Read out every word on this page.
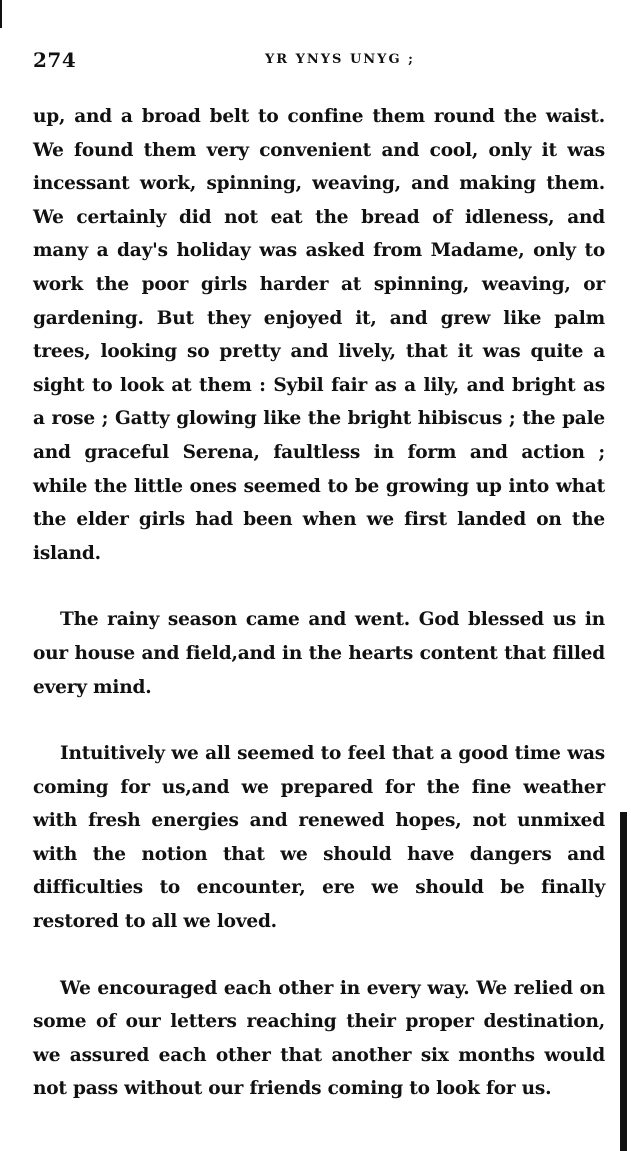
274	YR YNYS UNYG ;

up, and a broad belt to confine them round the waist. We found them very convenient and cool, only it was incessant work, spinning, weaving, and making them. We certainly did not eat the bread of idleness, and many a day's holiday was asked from Madame, only to work the poor girls harder at spinning, weaving, or gardening. But they enjoyed it, and grew like palm trees, looking so pretty and lively, that it was quite a sight to look at them : Sybil fair as a lily, and bright as a rose ; Gatty glowing like the bright hibiscus ; the pale and graceful Serena, faultless in form and action ; while the little ones seemed to be growing up into what the elder girls had been when we first landed on the island.

The rainy season came and went. God blessed us in our house and field,and in the hearts content that filled every mind.

Intuitively we all seemed to feel that a good time was coming for us,and we prepared for the fine weather with fresh energies and renewed hopes, not unmixed with the notion that we should have dangers and difficulties to encounter, ere we should be finally restored to all we loved.

We encouraged each other in every way. We relied on some of our letters reaching their proper destination, we assured each other that another six months would not pass without our friends coming to look for us.
